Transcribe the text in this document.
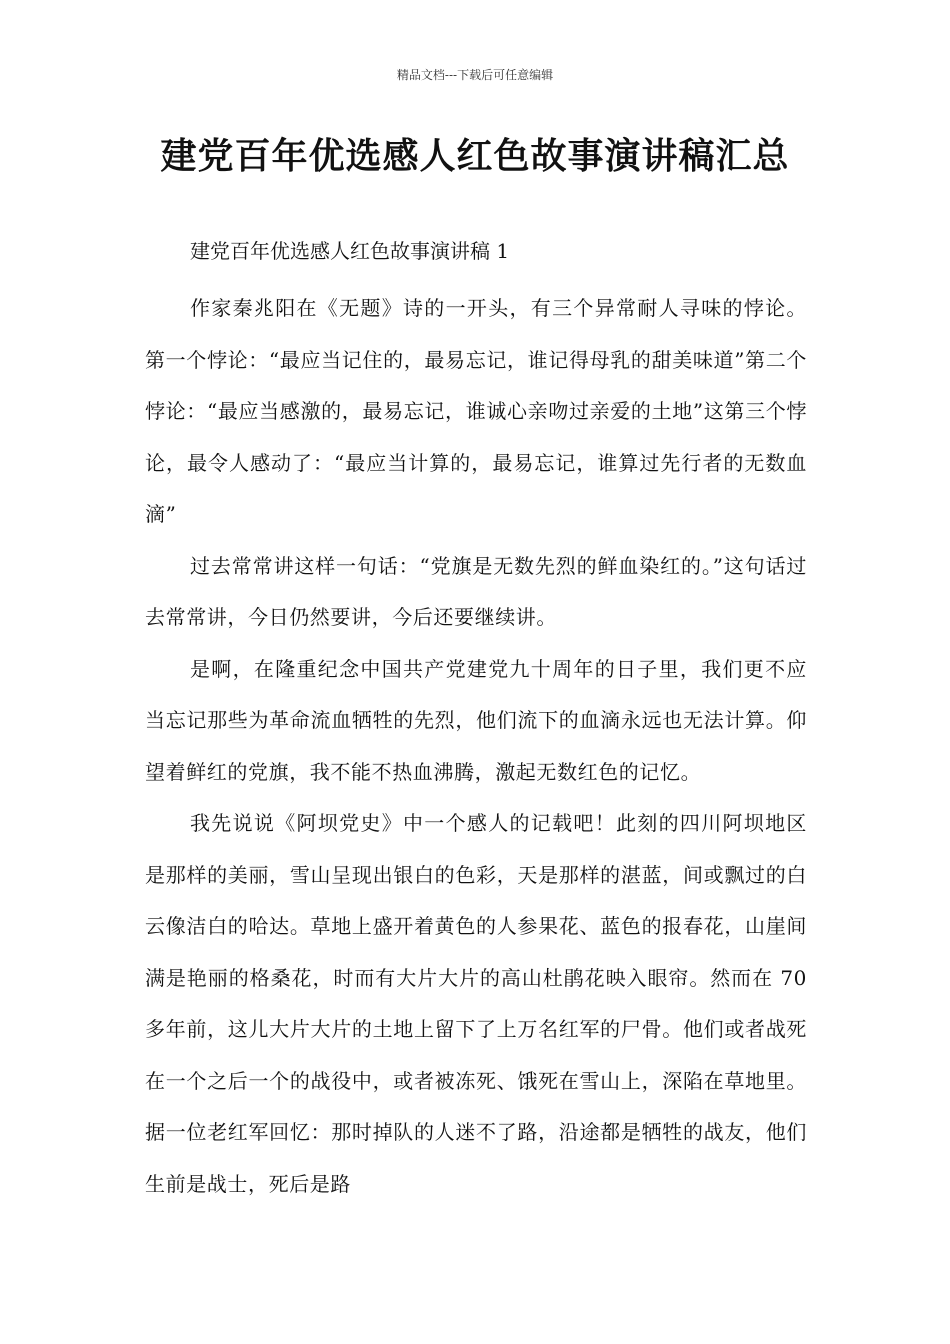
精品文档---下载后可任意编辑
建党百年优选感人红色故事演讲稿汇总

建党百年优选感人红色故事演讲稿 1

作家秦兆阳在《无题》诗的一开头，有三个异常耐人寻味的悖论。第一个悖论：“最应当记住的，最易忘记，谁记得母乳的甜美味道”第二个悖论：“最应当感激的，最易忘记，谁诚心亲吻过亲爱的土地”这第三个悖论，最令人感动了：“最应当计算的，最易忘记，谁算过先行者的无数血滴”

过去常常讲这样一句话：“党旗是无数先烈的鲜血染红的。”这句话过去常常讲，今日仍然要讲，今后还要继续讲。

是啊，在隆重纪念中国共产党建党九十周年的日子里，我们更不应当忘记那些为革命流血牺牲的先烈，他们流下的血滴永远也无法计算。仰望着鲜红的党旗，我不能不热血沸腾，激起无数红色的记忆。

我先说说《阿坝党史》中一个感人的记载吧！此刻的四川阿坝地区是那样的美丽，雪山呈现出银白的色彩，天是那样的湛蓝，间或飘过的白云像洁白的哈达。草地上盛开着黄色的人参果花、蓝色的报春花，山崖间满是艳丽的格桑花，时而有大片大片的高山杜鹃花映入眼帘。然而在 70 多年前，这儿大片大片的土地上留下了上万名红军的尸骨。他们或者战死在一个之后一个的战役中，或者被冻死、饿死在雪山上，深陷在草地里。据一位老红军回忆：那时掉队的人迷不了路，沿途都是牺牲的战友，他们生前是战士，死后是路
